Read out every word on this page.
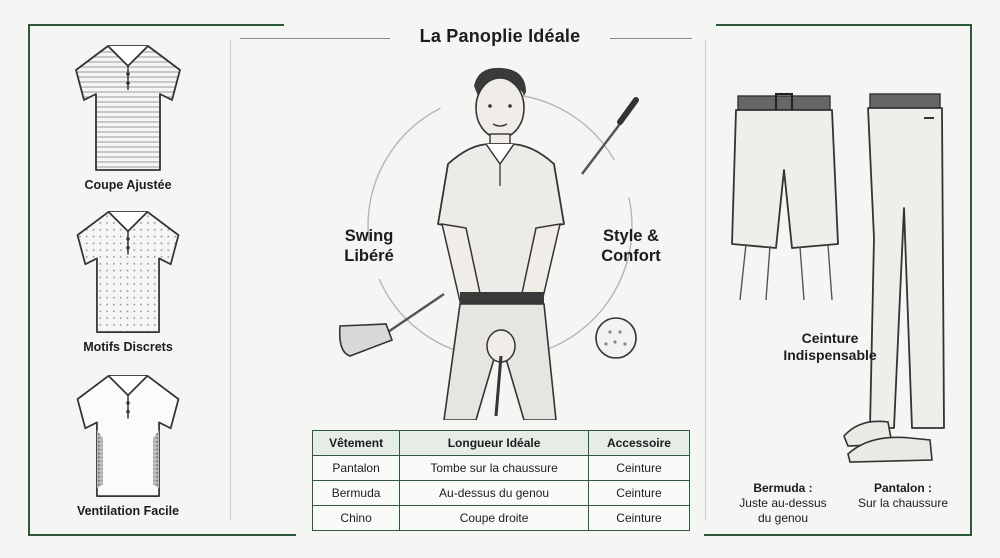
La Panoplie Idéale
Coupe Ajustée
Motifs Discrets
Ventilation Facile
Swing
Libéré
Style &
Confort
Vêtement	Longueur Idéale	Accessoire
Pantalon	Tombe sur la chaussure	Ceinture
Bermuda	Au-dessus du genou	Ceinture
Chino	Coupe droite	Ceinture
Ceinture
Indispensable
Bermuda :
Juste au-dessus
du genou
Pantalon :
Sur la chaussure
